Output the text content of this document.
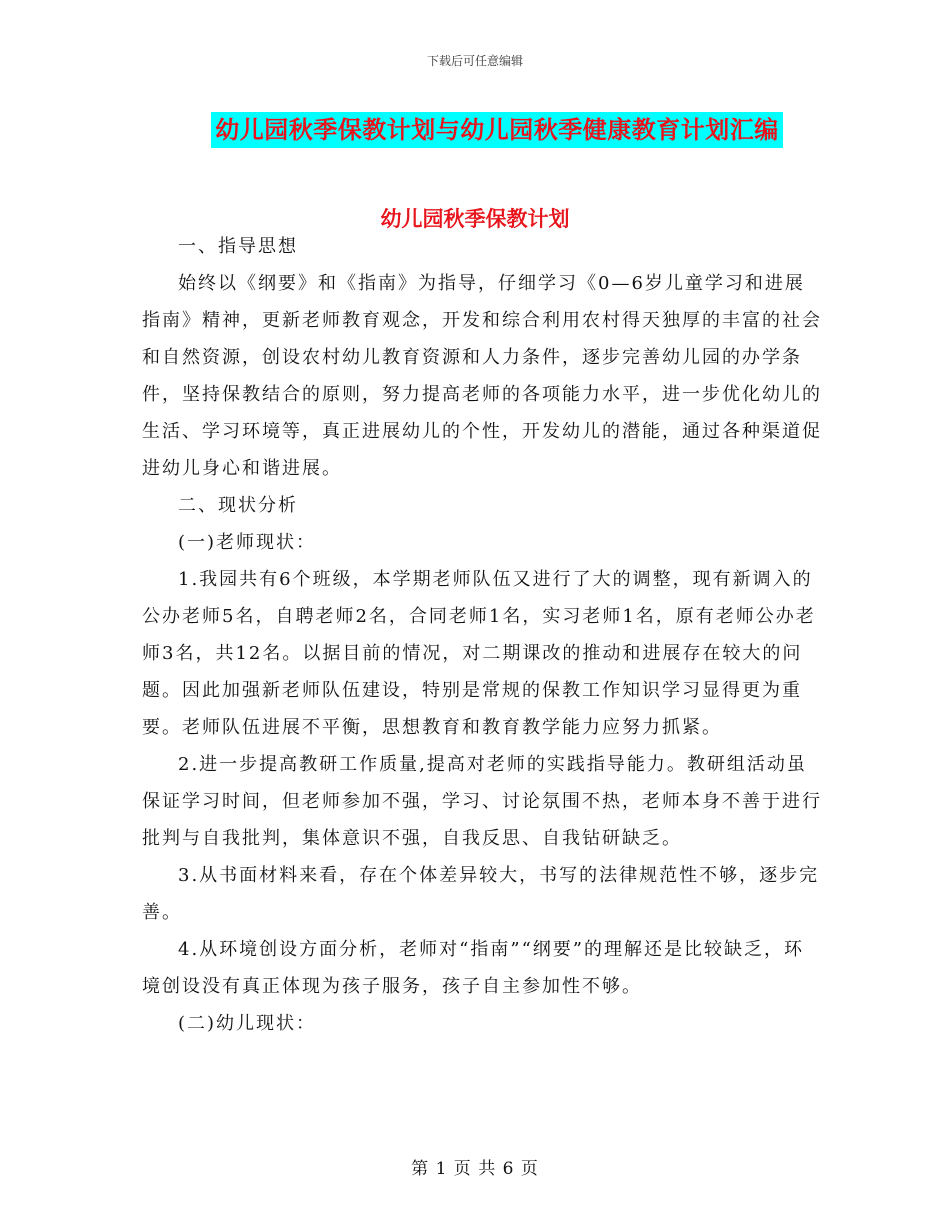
下载后可任意编辑
幼儿园秋季保教计划与幼儿园秋季健康教育计划汇编
幼儿园秋季保教计划

一、指导思想

始终以《纲要》和《指南》为指导，仔细学习《0—6岁儿童学习和进展指南》精神，更新老师教育观念，开发和综合利用农村得天独厚的丰富的社会和自然资源，创设农村幼儿教育资源和人力条件，逐步完善幼儿园的办学条件，坚持保教结合的原则，努力提高老师的各项能力水平，进一步优化幼儿的生活、学习环境等，真正进展幼儿的个性，开发幼儿的潜能，通过各种渠道促进幼儿身心和谐进展。

二、现状分析

(一)老师现状：

1.我园共有6个班级，本学期老师队伍又进行了大的调整，现有新调入的公办老师5名，自聘老师2名，合同老师1名，实习老师1名，原有老师公办老师3名，共12名。以据目前的情况，对二期课改的推动和进展存在较大的问题。因此加强新老师队伍建设，特别是常规的保教工作知识学习显得更为重要。老师队伍进展不平衡，思想教育和教育教学能力应努力抓紧。

2.进一步提高教研工作质量,提高对老师的实践指导能力。教研组活动虽保证学习时间，但老师参加不强，学习、讨论氛围不热，老师本身不善于进行批判与自我批判，集体意识不强，自我反思、自我钻研缺乏。

3.从书面材料来看，存在个体差异较大，书写的法律规范性不够，逐步完善。

4.从环境创设方面分析，老师对“指南”“纲要”的理解还是比较缺乏，环境创设没有真正体现为孩子服务，孩子自主参加性不够。

(二)幼儿现状：

第 1 页 共 6 页
